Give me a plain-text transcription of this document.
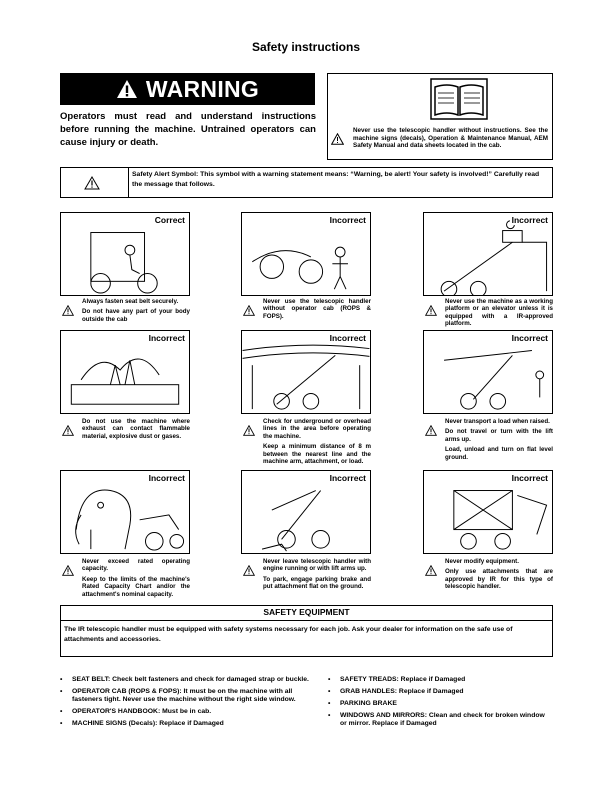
Safety instructions
WARNING
Operators must read and understand instructions before running the machine. Untrained operators can cause injury or death.
Never use the telescopic handler without instructions. See the machine signs (decals), Operation & Maintenance Manual, AEM Safety Manual and data sheets located in the cab.
Safety Alert Symbol: This symbol with a warning statement means: “Warning, be alert! Your safety is involved!” Carefully read the message that follows.
Correct

Always fasten seat belt securely.

Do not have any part of your body outside the cab

Incorrect

Never use the telescopic handler without operator cab (ROPS & FOPS).

Incorrect

Never use the machine as a working platform or an elevator unless it is equipped with a IR-approved platform.

Incorrect

Do not use the machine where exhaust can contact flammable material, explosive dust or gases.

Incorrect

Check for underground or overhead lines in the area before operating the machine.

Keep a minimum distance of 8 m between the nearest line and the machine arm, attachment, or load.

Incorrect

Never transport a load when raised.

Do not travel or turn with the lift arms up.

Load, unload and turn on flat level ground.

Incorrect

Never exceed rated operating capacity.

Keep to the limits of the machine's Rated Capacity Chart and/or the attachment's nominal capacity.

Incorrect

Never leave telescopic handler with engine running or with lift arms up.

To park, engage parking brake and put attachment flat on the ground.

Incorrect

Never modify equipment.

Only use attachments that are approved by IR for this type of telescopic handler.

SAFETY EQUIPMENT
The IR telescopic handler must be equipped with safety systems necessary for each job. Ask your dealer for information on the safe use of attachments and accessories.
• SEAT BELT: Check belt fasteners and check for damaged strap or buckle.
• OPERATOR CAB (ROPS & FOPS): It must be on the machine with all fasteners tight. Never use the machine without the right side window.
• OPERATOR'S HANDBOOK: Must be in cab.
• MACHINE SIGNS (Decals): Replace if Damaged
• SAFETY TREADS: Replace if Damaged
• GRAB HANDLES: Replace if Damaged
• PARKING BRAKE
• WINDOWS AND MIRRORS: Clean and check for broken window or mirror. Replace if Damaged
